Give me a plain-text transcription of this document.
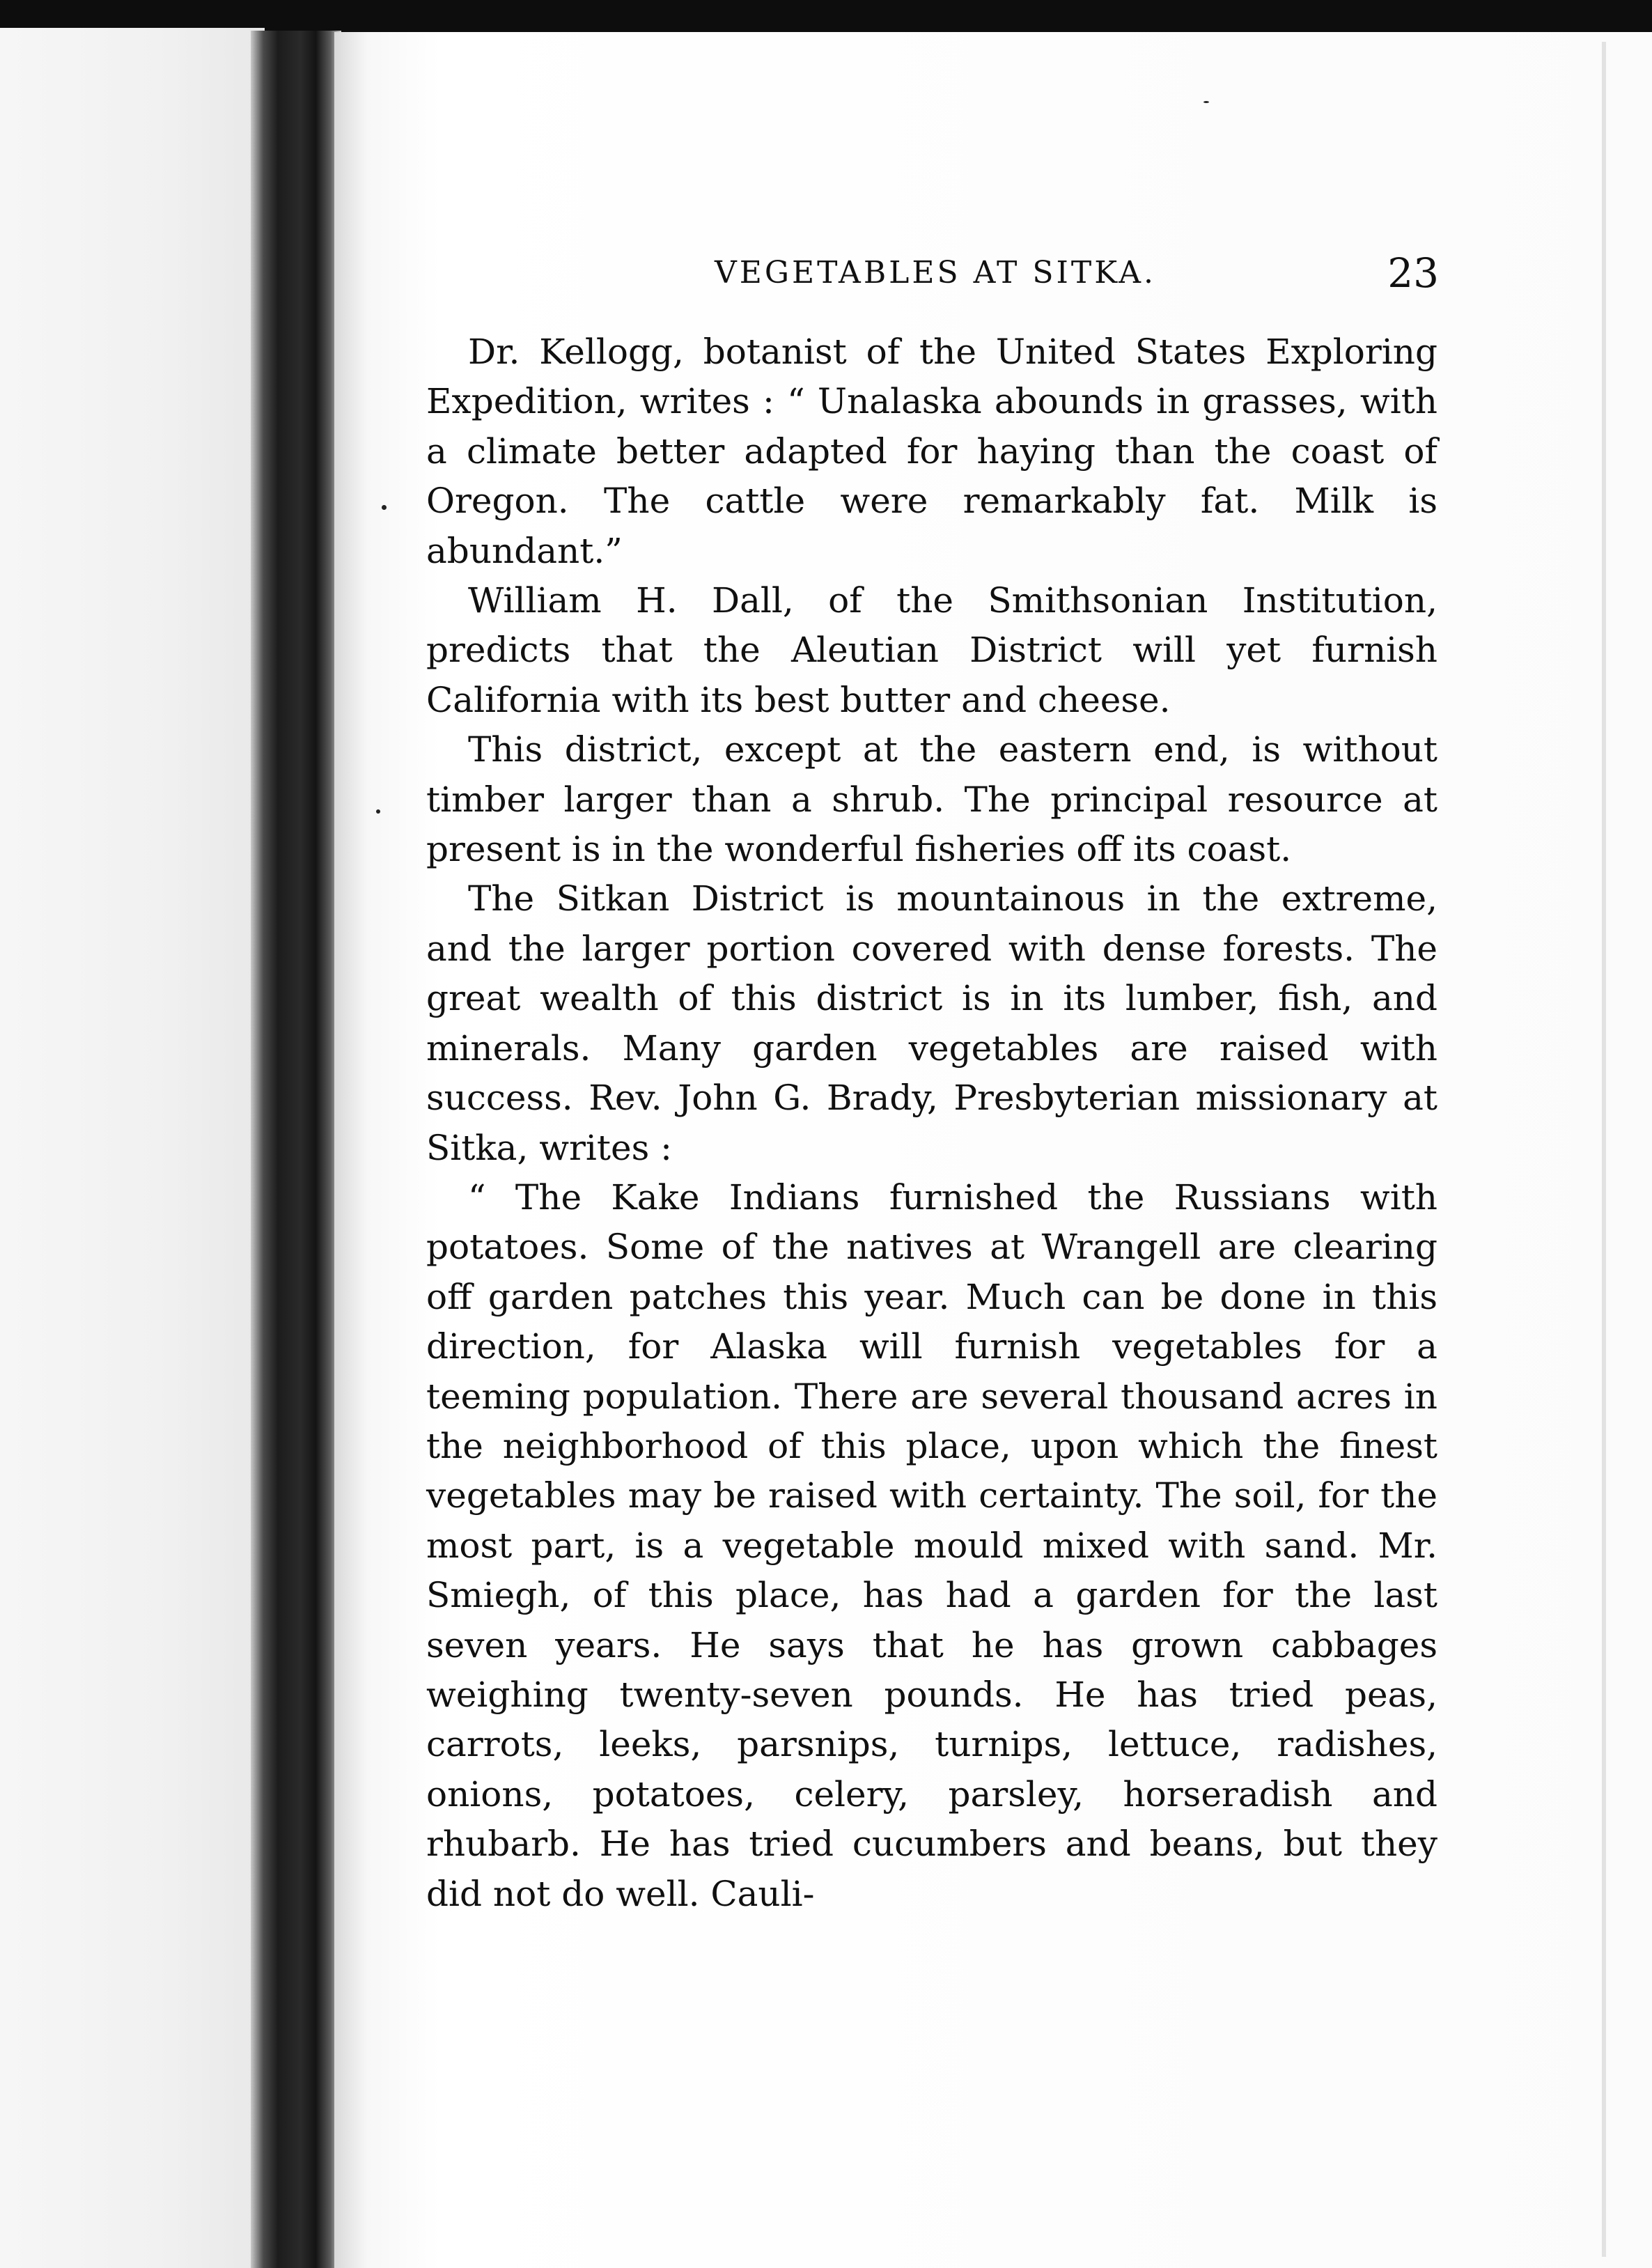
VEGETABLES AT SITKA.	23

Dr. Kellogg, botanist of the United States Exploring Expedition, writes : “ Unalaska abounds in grasses, with a climate better adapted for haying than the coast of Oregon. The cattle were remarkably fat. Milk is abundant.”

William H. Dall, of the Smithsonian Institution, predicts that the Aleutian District will yet furnish California with its best butter and cheese.

This district, except at the eastern end, is without timber larger than a shrub. The principal resource at present is in the wonderful fisheries off its coast.

The Sitkan District is mountainous in the extreme, and the larger portion covered with dense forests. The great wealth of this district is in its lumber, fish, and minerals. Many garden vegetables are raised with success. Rev. John G. Brady, Presbyterian missionary at Sitka, writes :

“ The Kake Indians furnished the Russians with potatoes. Some of the natives at Wrangell are clearing off garden patches this year. Much can be done in this direction, for Alaska will furnish vegetables for a teeming population. There are several thousand acres in the neighborhood of this place, upon which the finest vegetables may be raised with certainty. The soil, for the most part, is a vegetable mould mixed with sand. Mr. Smiegh, of this place, has had a garden for the last seven years. He says that he has grown cabbages weighing twenty-seven pounds. He has tried peas, carrots, leeks, parsnips, turnips, lettuce, radishes, onions, potatoes, celery, parsley, horseradish and rhubarb. He has tried cucumbers and beans, but they did not do well. Cauli-
